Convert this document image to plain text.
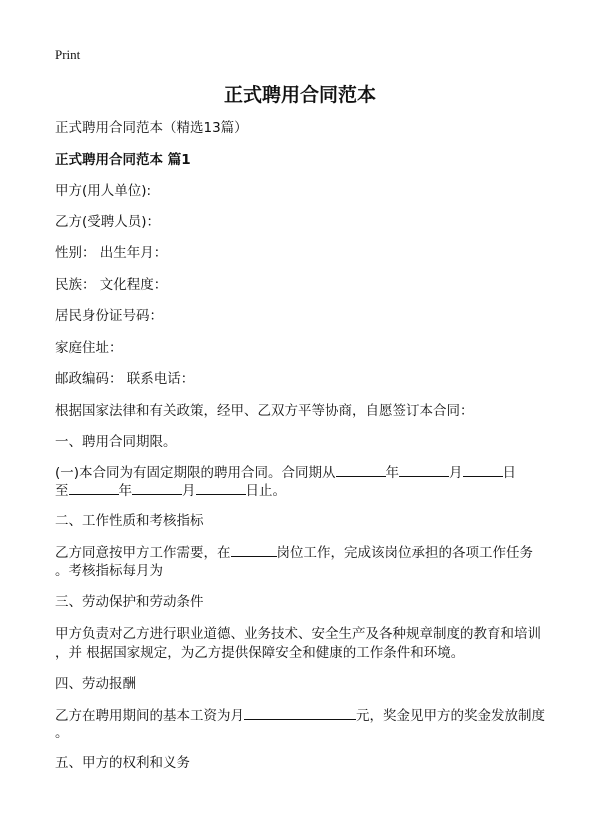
Print
正式聘用合同范本
正式聘用合同范本（精选13篇）
正式聘用合同范本 篇1
甲方(用人单位):
乙方(受聘人员)：
性别： 出生年月：
民族： 文化程度：
居民身份证号码：
家庭住址：
邮政编码： 联系电话：
根据国家法律和有关政策，经甲、乙双方平等协商，自愿签订本合同：
一、聘用合同期限。
(一)本合同为有固定期限的聘用合同。合同期从	年	月	日
至	年	月	日止。
二、工作性质和考核指标
乙方同意按甲方工作需要，在	岗位工作，完成该岗位承担的各项工作任务
。考核指标每月为
三、劳动保护和劳动条件
甲方负责对乙方进行职业道德、业务技术、安全生产及各种规章制度的教育和培训
，并 根据国家规定，为乙方提供保障安全和健康的工作条件和环境。
四、劳动报酬
乙方在聘用期间的基本工资为月	元，奖金见甲方的奖金发放制度
。
五、甲方的权利和义务
